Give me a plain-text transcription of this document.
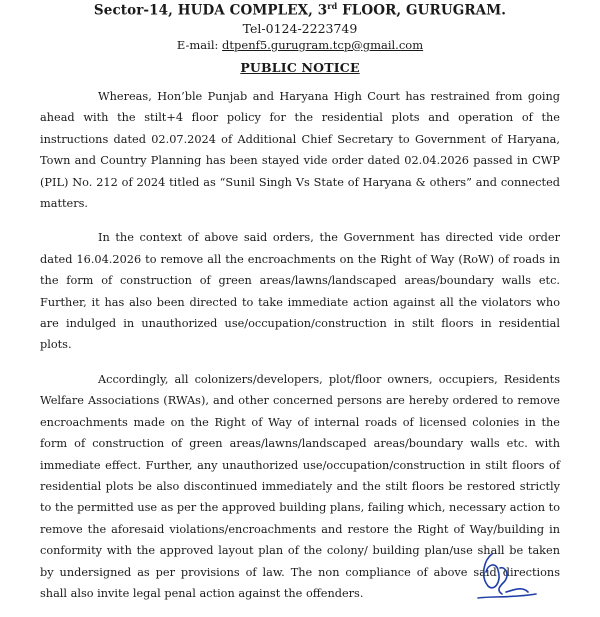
Sector-14, HUDA COMPLEX, 3rd FLOOR, GURUGRAM.
Tel-0124-2223749
E-mail: dtpenf5.gurugram.tcp@gmail.com
PUBLIC NOTICE

Whereas, Hon’ble Punjab and Haryana High Court has restrained from going ahead with the stilt+4 floor policy for the residential plots and operation of the instructions dated 02.07.2024 of Additional Chief Secretary to Government of Haryana, Town and Country Planning has been stayed vide order dated 02.04.2026 passed in CWP (PIL) No. 212 of 2024 titled as “Sunil Singh Vs State of Haryana & others” and connected matters.

In the context of above said orders, the Government has directed vide order dated 16.04.2026 to remove all the encroachments on the Right of Way (RoW) of roads in the form of construction of green areas/lawns/landscaped areas/boundary walls etc. Further, it has also been directed to take immediate action against all the violators who are indulged in unauthorized use/occupation/construction in stilt floors in residential plots.

Accordingly, all colonizers/developers, plot/floor owners, occupiers, Residents Welfare Associations (RWAs), and other concerned persons are hereby ordered to remove encroachments made on the Right of Way of internal roads of licensed colonies in the form of construction of green areas/lawns/landscaped areas/boundary walls etc. with immediate effect. Further, any unauthorized use/occupation/construction in stilt floors of residential plots be also discontinued immediately and the stilt floors be restored strictly to the permitted use as per the approved building plans, failing which, necessary action to remove the aforesaid violations/encroachments and restore the Right of Way/building in conformity with the approved layout plan of the colony/ building plan/use shall be taken by undersigned as per provisions of law. The non compliance of above said directions shall also invite legal penal action against the offenders.
